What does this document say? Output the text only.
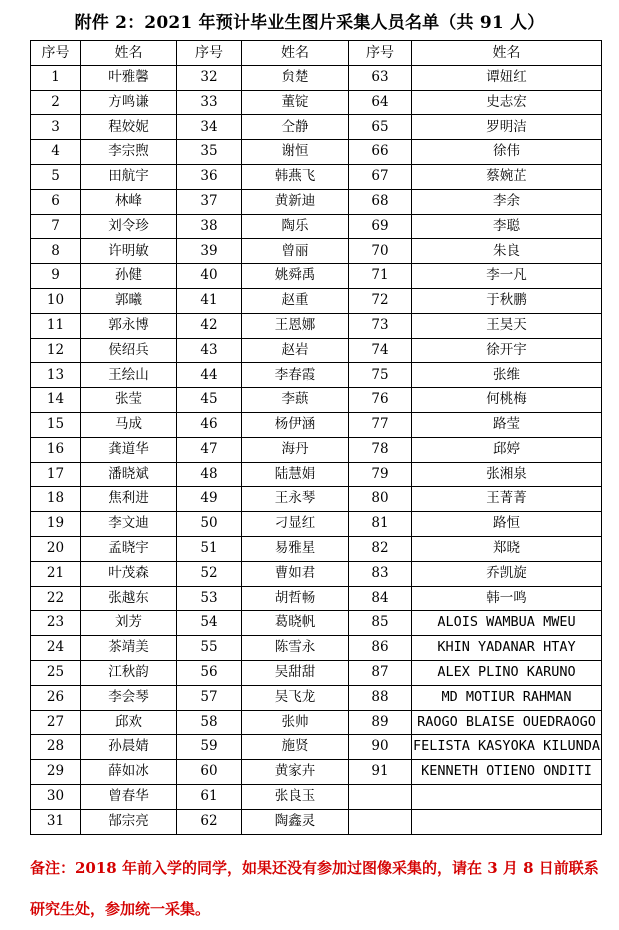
附件 2：2021 年预计毕业生图片采集人员名单（共 91 人）
序号	姓名	序号	姓名	序号	姓名
1	叶雅馨	32	贠楚	63	谭妞红
2	方鸣谦	33	董锭	64	史志宏
3	程姣妮	34	仝静	65	罗明洁
4	李宗煦	35	谢恒	66	徐伟
5	田航宇	36	韩燕飞	67	蔡婉芷
6	林峰	37	黄新迪	68	李余
7	刘令珍	38	陶乐	69	李聪
8	许明敏	39	曾丽	70	朱良
9	孙健	40	姚舜禹	71	李一凡
10	郭曦	41	赵重	72	于秋鹏
11	郭永博	42	王恩娜	73	王昊天
12	侯绍兵	43	赵岩	74	徐开宇
13	王绘山	44	李春霞	75	张维
14	张莹	45	李蕻	76	何桃梅
15	马成	46	杨伊涵	77	路莹
16	龚道华	47	海丹	78	邱婷
17	潘晓斌	48	陆慧娟	79	张湘泉
18	焦利进	49	王永琴	80	王菁菁
19	李文迪	50	刁显红	81	路恒
20	孟晓宇	51	易雅星	82	郑晓
21	叶茂森	52	曹如君	83	乔凯旋
22	张越东	53	胡哲畅	84	韩一鸣
23	刘芳	54	葛晓帆	85	ALOIS WAMBUA MWEU
24	茶靖美	55	陈雪永	86	KHIN YADANAR HTAY
25	江秋韵	56	吴甜甜	87	ALEX PLINO KARUNO
26	李会琴	57	吴飞龙	88	MD MOTIUR RAHMAN
27	邱欢	58	张帅	89	RAOGO BLAISE OUEDRAOGO
28	孙晨婧	59	施贤	90	FELISTA KASYOKA KILUNDA
29	薛如冰	60	黄家卉	91	KENNETH OTIENO ONDITI
30	曾春华	61	张良玉		
31	郜宗亮	62	陶鑫灵		
备注：2018 年前入学的同学，如果还没有参加过图像采集的，请在 3 月 8 日前联系研究生处，参加统一采集。
